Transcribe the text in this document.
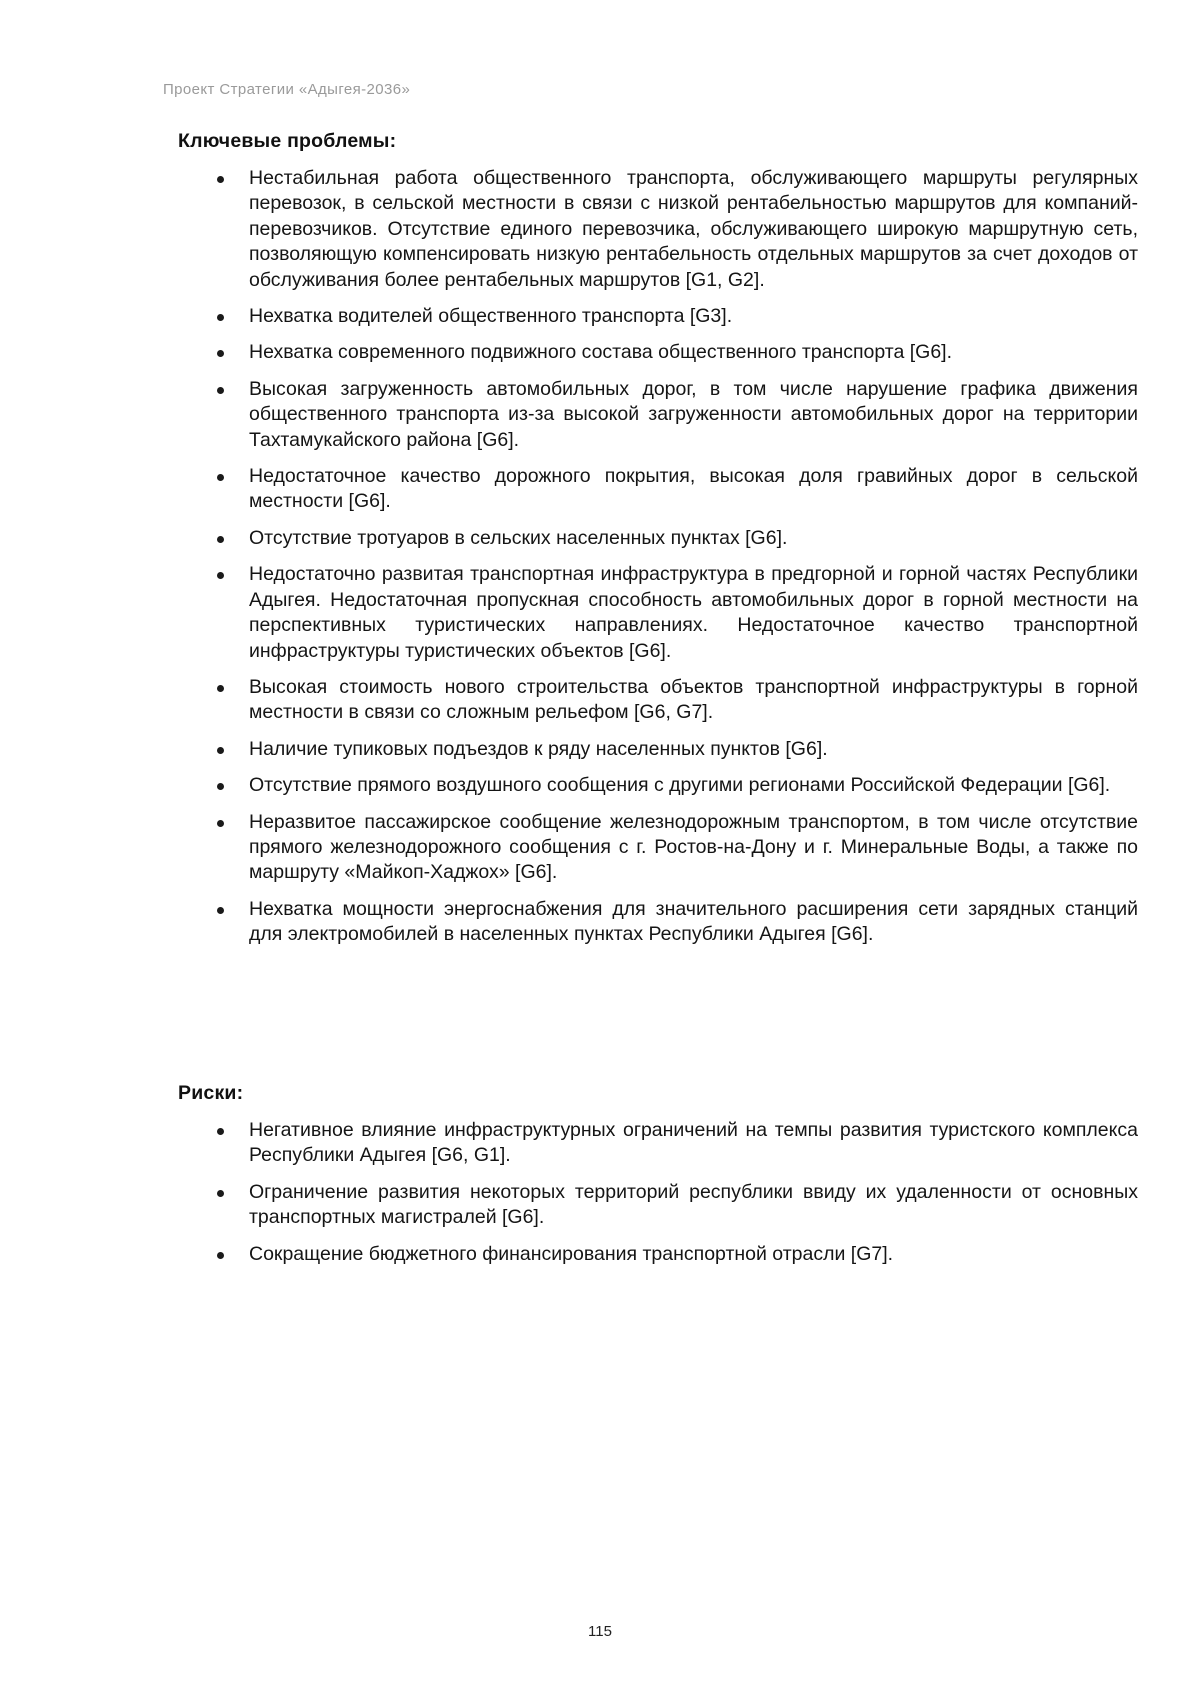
Проект Стратегии «Адыгея-2036»
Ключевые проблемы:
Нестабильная работа общественного транспорта, обслуживающего маршруты регулярных перевозок, в сельской местности в связи с низкой рентабельностью маршрутов для компаний-перевозчиков. Отсутствие единого перевозчика, обслуживающего широкую маршрутную сеть, позволяющую компенсировать низкую рентабельность отдельных маршрутов за счет доходов от обслуживания более рентабельных маршрутов [G1, G2].
Нехватка водителей общественного транспорта [G3].
Нехватка современного подвижного состава общественного транспорта [G6].
Высокая загруженность автомобильных дорог, в том числе нарушение графика движения общественного транспорта из-за высокой загруженности автомобильных дорог на территории Тахтамукайского района [G6].
Недостаточное качество дорожного покрытия, высокая доля гравийных дорог в сельской местности [G6].
Отсутствие тротуаров в сельских населенных пунктах [G6].
Недостаточно развитая транспортная инфраструктура в предгорной и горной частях Республики Адыгея. Недостаточная пропускная способность автомобильных дорог в горной местности на перспективных туристических направлениях. Недостаточное качество транспортной инфраструктуры туристических объектов [G6].
Высокая стоимость нового строительства объектов транспортной инфраструктуры в горной местности в связи со сложным рельефом [G6, G7].
Наличие тупиковых подъездов к ряду населенных пунктов [G6].
Отсутствие прямого воздушного сообщения с другими регионами Российской Федерации [G6].
Неразвитое пассажирское сообщение железнодорожным транспортом, в том числе отсутствие прямого железнодорожного сообщения с г. Ростов-на-Дону и г. Минеральные Воды, а также по маршруту «Майкоп-Хаджох» [G6].
Нехватка мощности энергоснабжения для значительного расширения сети зарядных станций для электромобилей в населенных пунктах Республики Адыгея [G6].
Риски:
Негативное влияние инфраструктурных ограничений на темпы развития туристского комплекса Республики Адыгея [G6, G1].
Ограничение развития некоторых территорий республики ввиду их удаленности от основных транспортных магистралей [G6].
Сокращение бюджетного финансирования транспортной отрасли [G7].
115
